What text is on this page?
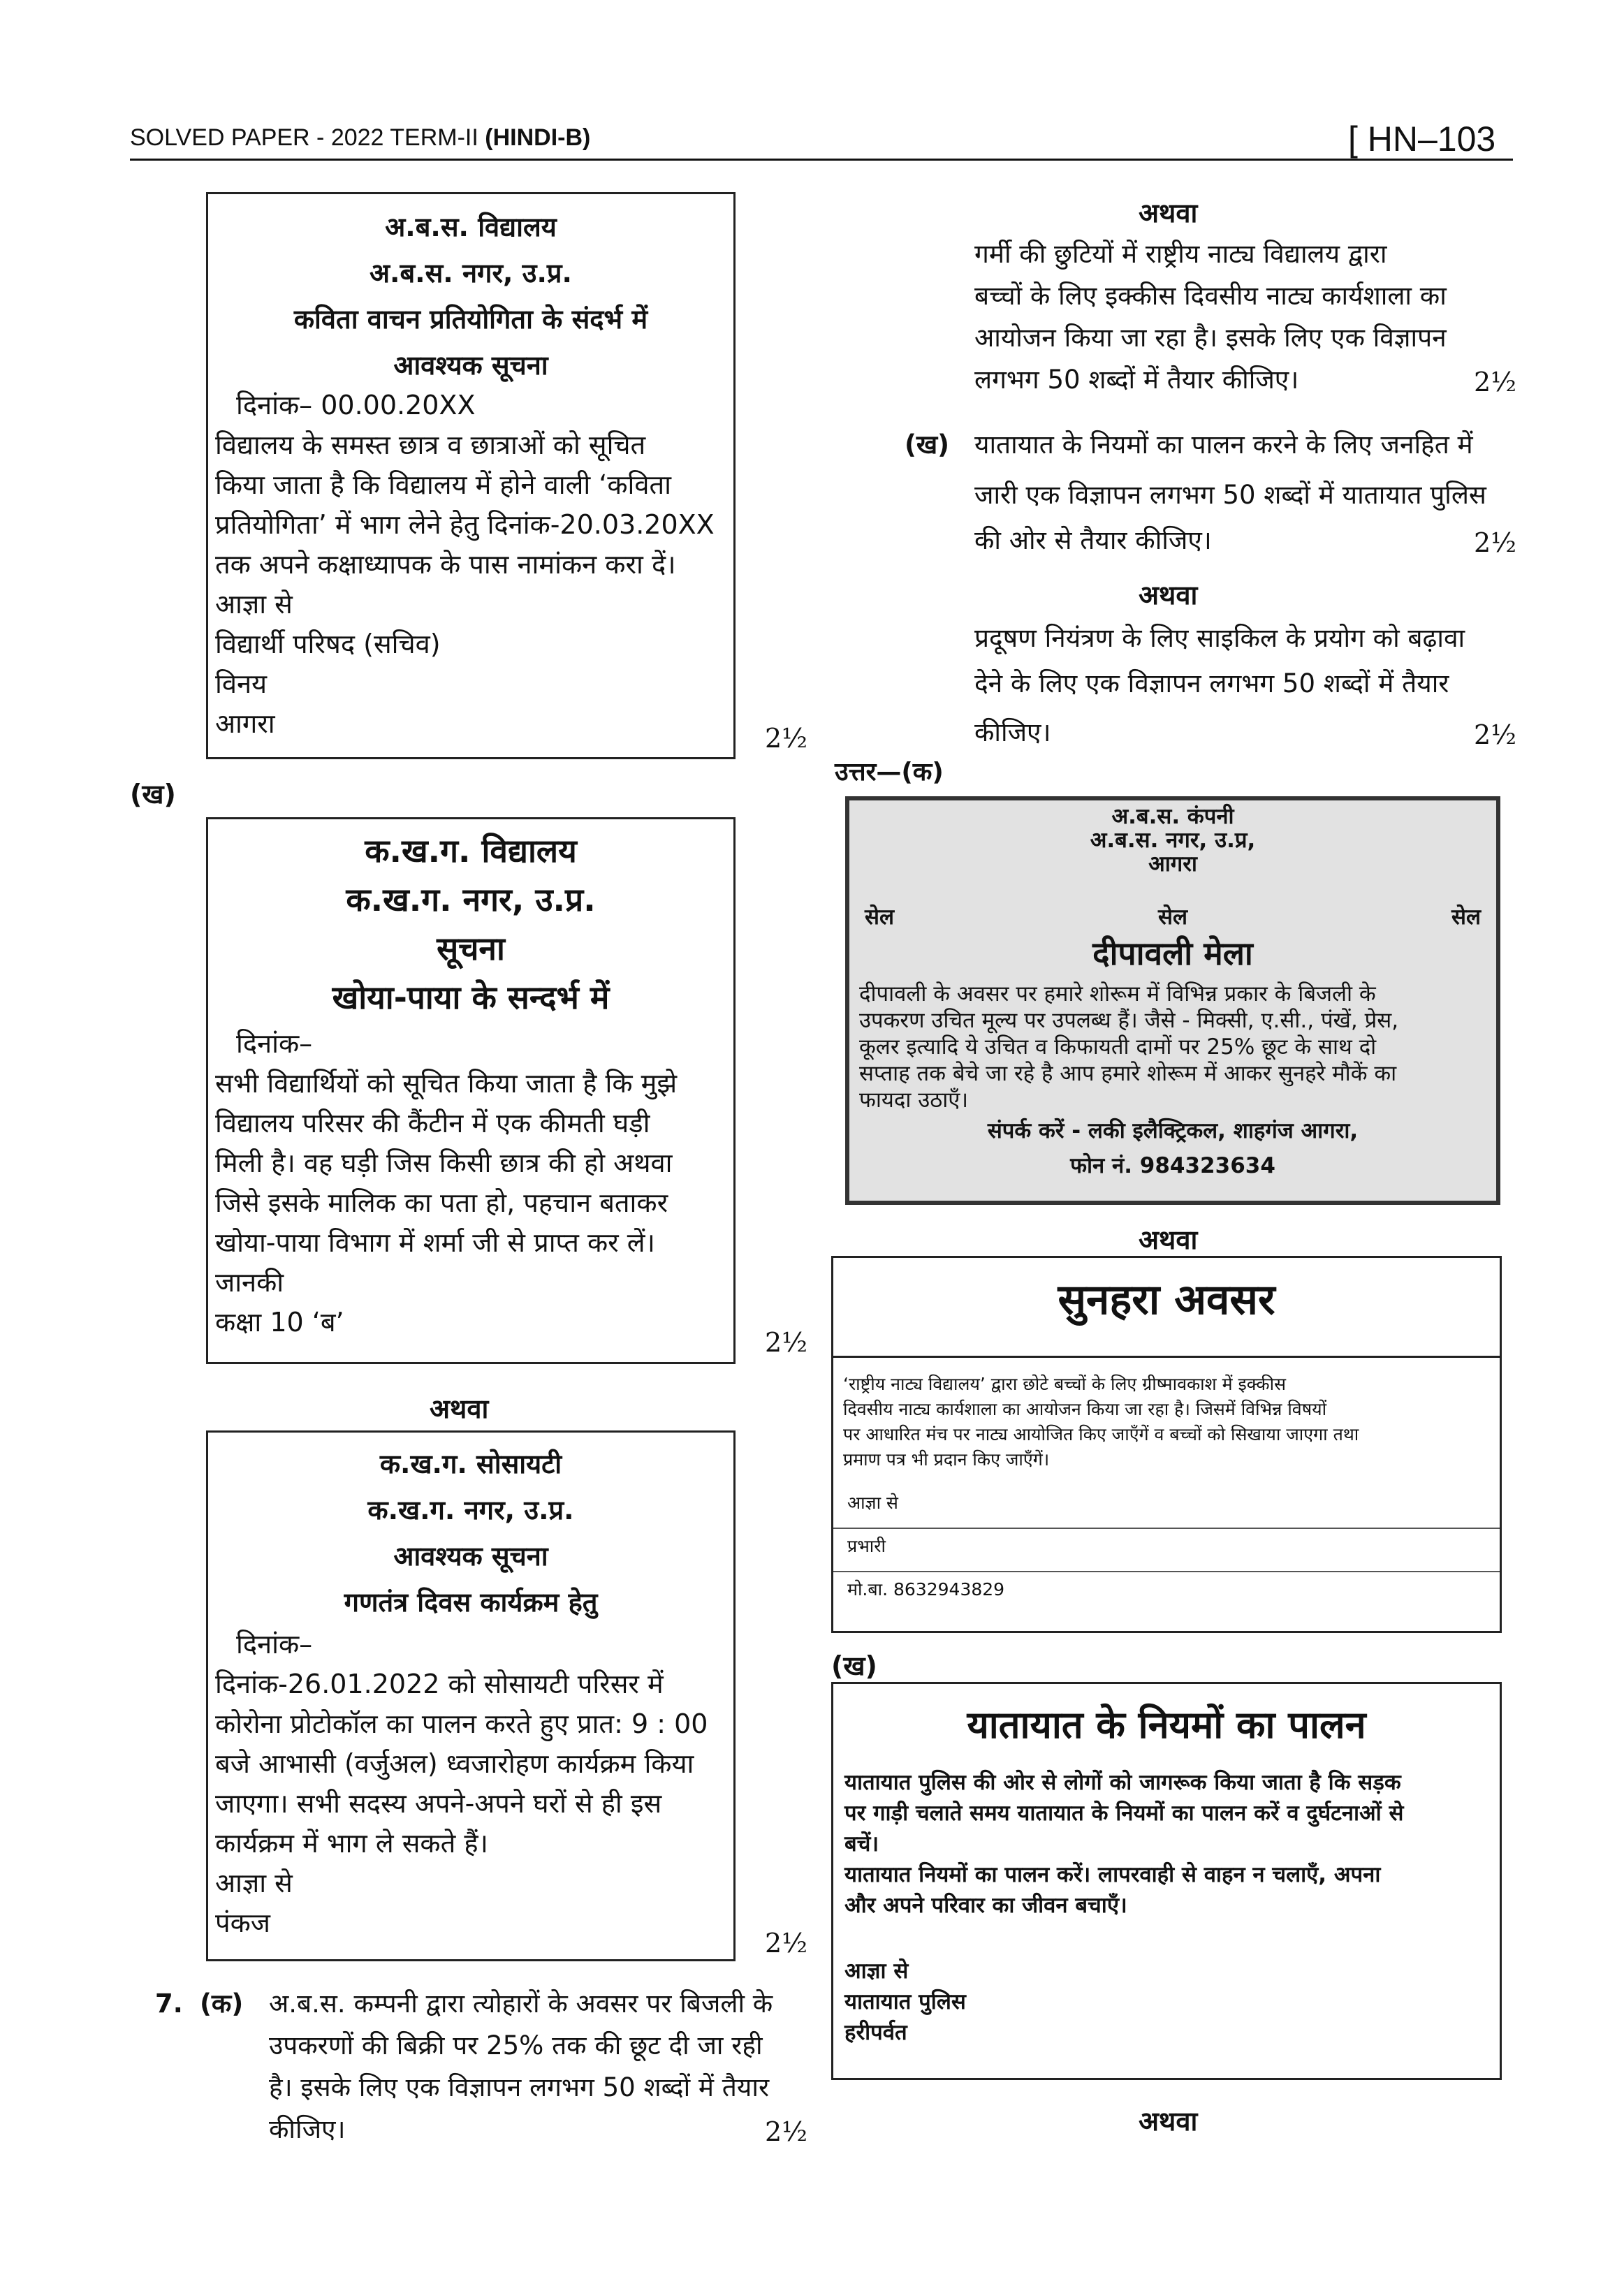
SOLVED PAPER - 2022 TERM-II (HINDI-B)	[ HN–103
अ.ब.स. विद्यालय
अ.ब.स. नगर, उ.प्र.
कविता वाचन प्रतियोगिता के संदर्भ में
आवश्यक सूचना
दिनांक– 00.00.20XX
विद्यालय के समस्त छात्र व छात्राओं को सूचित
किया जाता है कि विद्यालय में होने वाली ‘कविता
प्रतियोगिता’ में भाग लेने हेतु दिनांक-20.03.20XX
तक अपने कक्षाध्यापक के पास नामांकन करा दें।
आज्ञा से
विद्यार्थी परिषद (सचिव)
विनय
आगरा	2½
(ख)
क.ख.ग. विद्यालय
क.ख.ग. नगर, उ.प्र.
सूचना
खोया-पाया के सन्दर्भ में
दिनांक–
सभी विद्यार्थियों को सूचित किया जाता है कि मुझे
विद्यालय परिसर की कैंटीन में एक कीमती घड़ी
मिली है। वह घड़ी जिस किसी छात्र की हो अथवा
जिसे इसके मालिक का पता हो, पहचान बताकर
खोया-पाया विभाग में शर्मा जी से प्राप्त कर लें।
जानकी
कक्षा 10 ‘ब’
2½
अथवा
क.ख.ग. सोसायटी
क.ख.ग. नगर, उ.प्र.
आवश्यक सूचना
गणतंत्र दिवस कार्यक्रम हेतु
दिनांक–
दिनांक-26.01.2022 को सोसायटी परिसर में
कोरोना प्रोटोकॉल का पालन करते हुए प्रात: 9 : 00
बजे आभासी (वर्जुअल) ध्वजारोहण कार्यक्रम किया
जाएगा। सभी सदस्य अपने-अपने घरों से ही इस
कार्यक्रम में भाग ले सकते हैं।
आज्ञा से
पंकज
2½
7. (क) अ.ब.स. कम्पनी द्वारा त्योहारों के अवसर पर बिजली के
उपकरणों की बिक्री पर 25% तक की छूट दी जा रही
है। इसके लिए एक विज्ञापन लगभग 50 शब्दों में तैयार
कीजिए।	2½
अथवा
गर्मी की छुटियों में राष्ट्रीय नाट्य विद्यालय द्वारा
बच्चों के लिए इक्कीस दिवसीय नाट्य कार्यशाला का
आयोजन किया जा रहा है। इसके लिए एक विज्ञापन
लगभग 50 शब्दों में तैयार कीजिए।	2½
(ख) यातायात के नियमों का पालन करने के लिए जनहित में
जारी एक विज्ञापन लगभग 50 शब्दों में यातायात पुलिस
की ओर से तैयार कीजिए।	2½
अथवा
प्रदूषण नियंत्रण के लिए साइकिल के प्रयोग को बढ़ावा
देने के लिए एक विज्ञापन लगभग 50 शब्दों में तैयार
कीजिए।	2½
उत्तर—(क)
अ.ब.स. कंपनी
अ.ब.स. नगर, उ.प्र,
आगरा
सेल	सेल	सेल
दीपावली मेला
दीपावली के अवसर पर हमारे शोरूम में विभिन्न प्रकार के बिजली के
उपकरण उचित मूल्य पर उपलब्ध हैं। जैसे - मिक्सी, ए.सी., पंखें, प्रेस,
कूलर इत्यादि ये उचित व किफायती दामों पर 25% छूट के साथ दो
सप्ताह तक बेचे जा रहे है आप हमारे शोरूम में आकर सुनहरे मौकें का
फायदा उठाएँ।
संपर्क करें - लकी इलैक्ट्रिकल, शाहगंज आगरा,
फोन नं. 984323634
अथवा
सुनहरा अवसर
‘राष्ट्रीय नाट्य विद्यालय’ द्वारा छोटे बच्चों के लिए ग्रीष्मावकाश में इक्कीस
दिवसीय नाट्य कार्यशाला का आयोजन किया जा रहा है। जिसमें विभिन्न विषयों
पर आधारित मंच पर नाट्य आयोजित किए जाएँगें व बच्चों को सिखाया जाएगा तथा
प्रमाण पत्र भी प्रदान किए जाएँगें।
आज्ञा से
प्रभारी
मो.बा. 8632943829
(ख)
यातायात के नियमों का पालन
यातायात पुलिस की ओर से लोगों को जागरूक किया जाता है कि सड़क
पर गाड़ी चलाते समय यातायात के नियमों का पालन करें व दुर्घटनाओं से
बचें।
यातायात नियमों का पालन करें। लापरवाही से वाहन न चलाएँ, अपना
और अपने परिवार का जीवन बचाएँ।
आज्ञा से
यातायात पुलिस
हरीपर्वत
अथवा
